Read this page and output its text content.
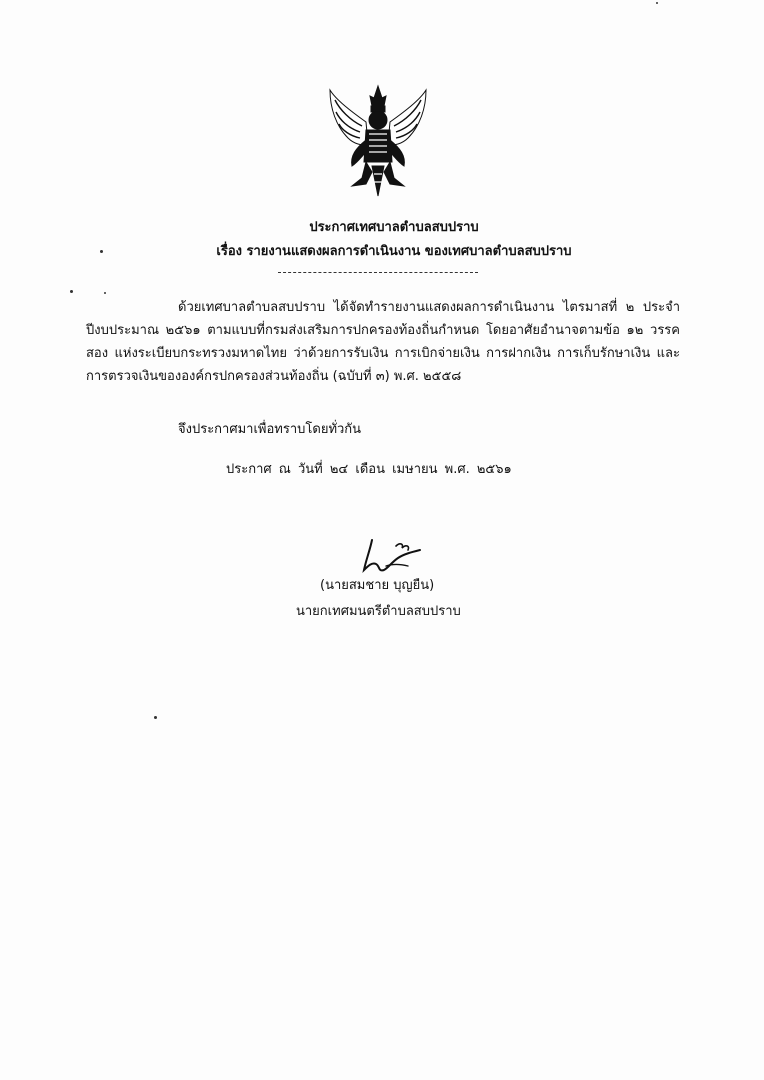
ประกาศเทศบาลตำบลสบปราบ
เรื่อง รายงานแสดงผลการดำเนินงาน ของเทศบาลตำบลสบปราบ
ด้วยเทศบาลตำบลสบปราบ ได้จัดทำรายงานแสดงผลการดำเนินงาน ไตรมาสที่ ๒ ประจำปีงบประมาณ ๒๕๖๑ ตามแบบที่กรมส่งเสริมการปกครองท้องถิ่นกำหนด โดยอาศัยอำนาจตามข้อ ๑๒ วรรคสอง แห่งระเบียบกระทรวงมหาดไทย ว่าด้วยการรับเงิน การเบิกจ่ายเงิน การฝากเงิน การเก็บรักษาเงิน และการตรวจเงินขององค์กรปกครองส่วนท้องถิ่น (ฉบับที่ ๓) พ.ศ. ๒๕๕๘
จึงประกาศมาเพื่อทราบโดยทั่วกัน
ประกาศ ณ วันที่ ๒๔ เดือน เมษายน พ.ศ. ๒๕๖๑
(นายสมชาย บุญยืน)
นายกเทศมนตรีตำบลสบปราบ
